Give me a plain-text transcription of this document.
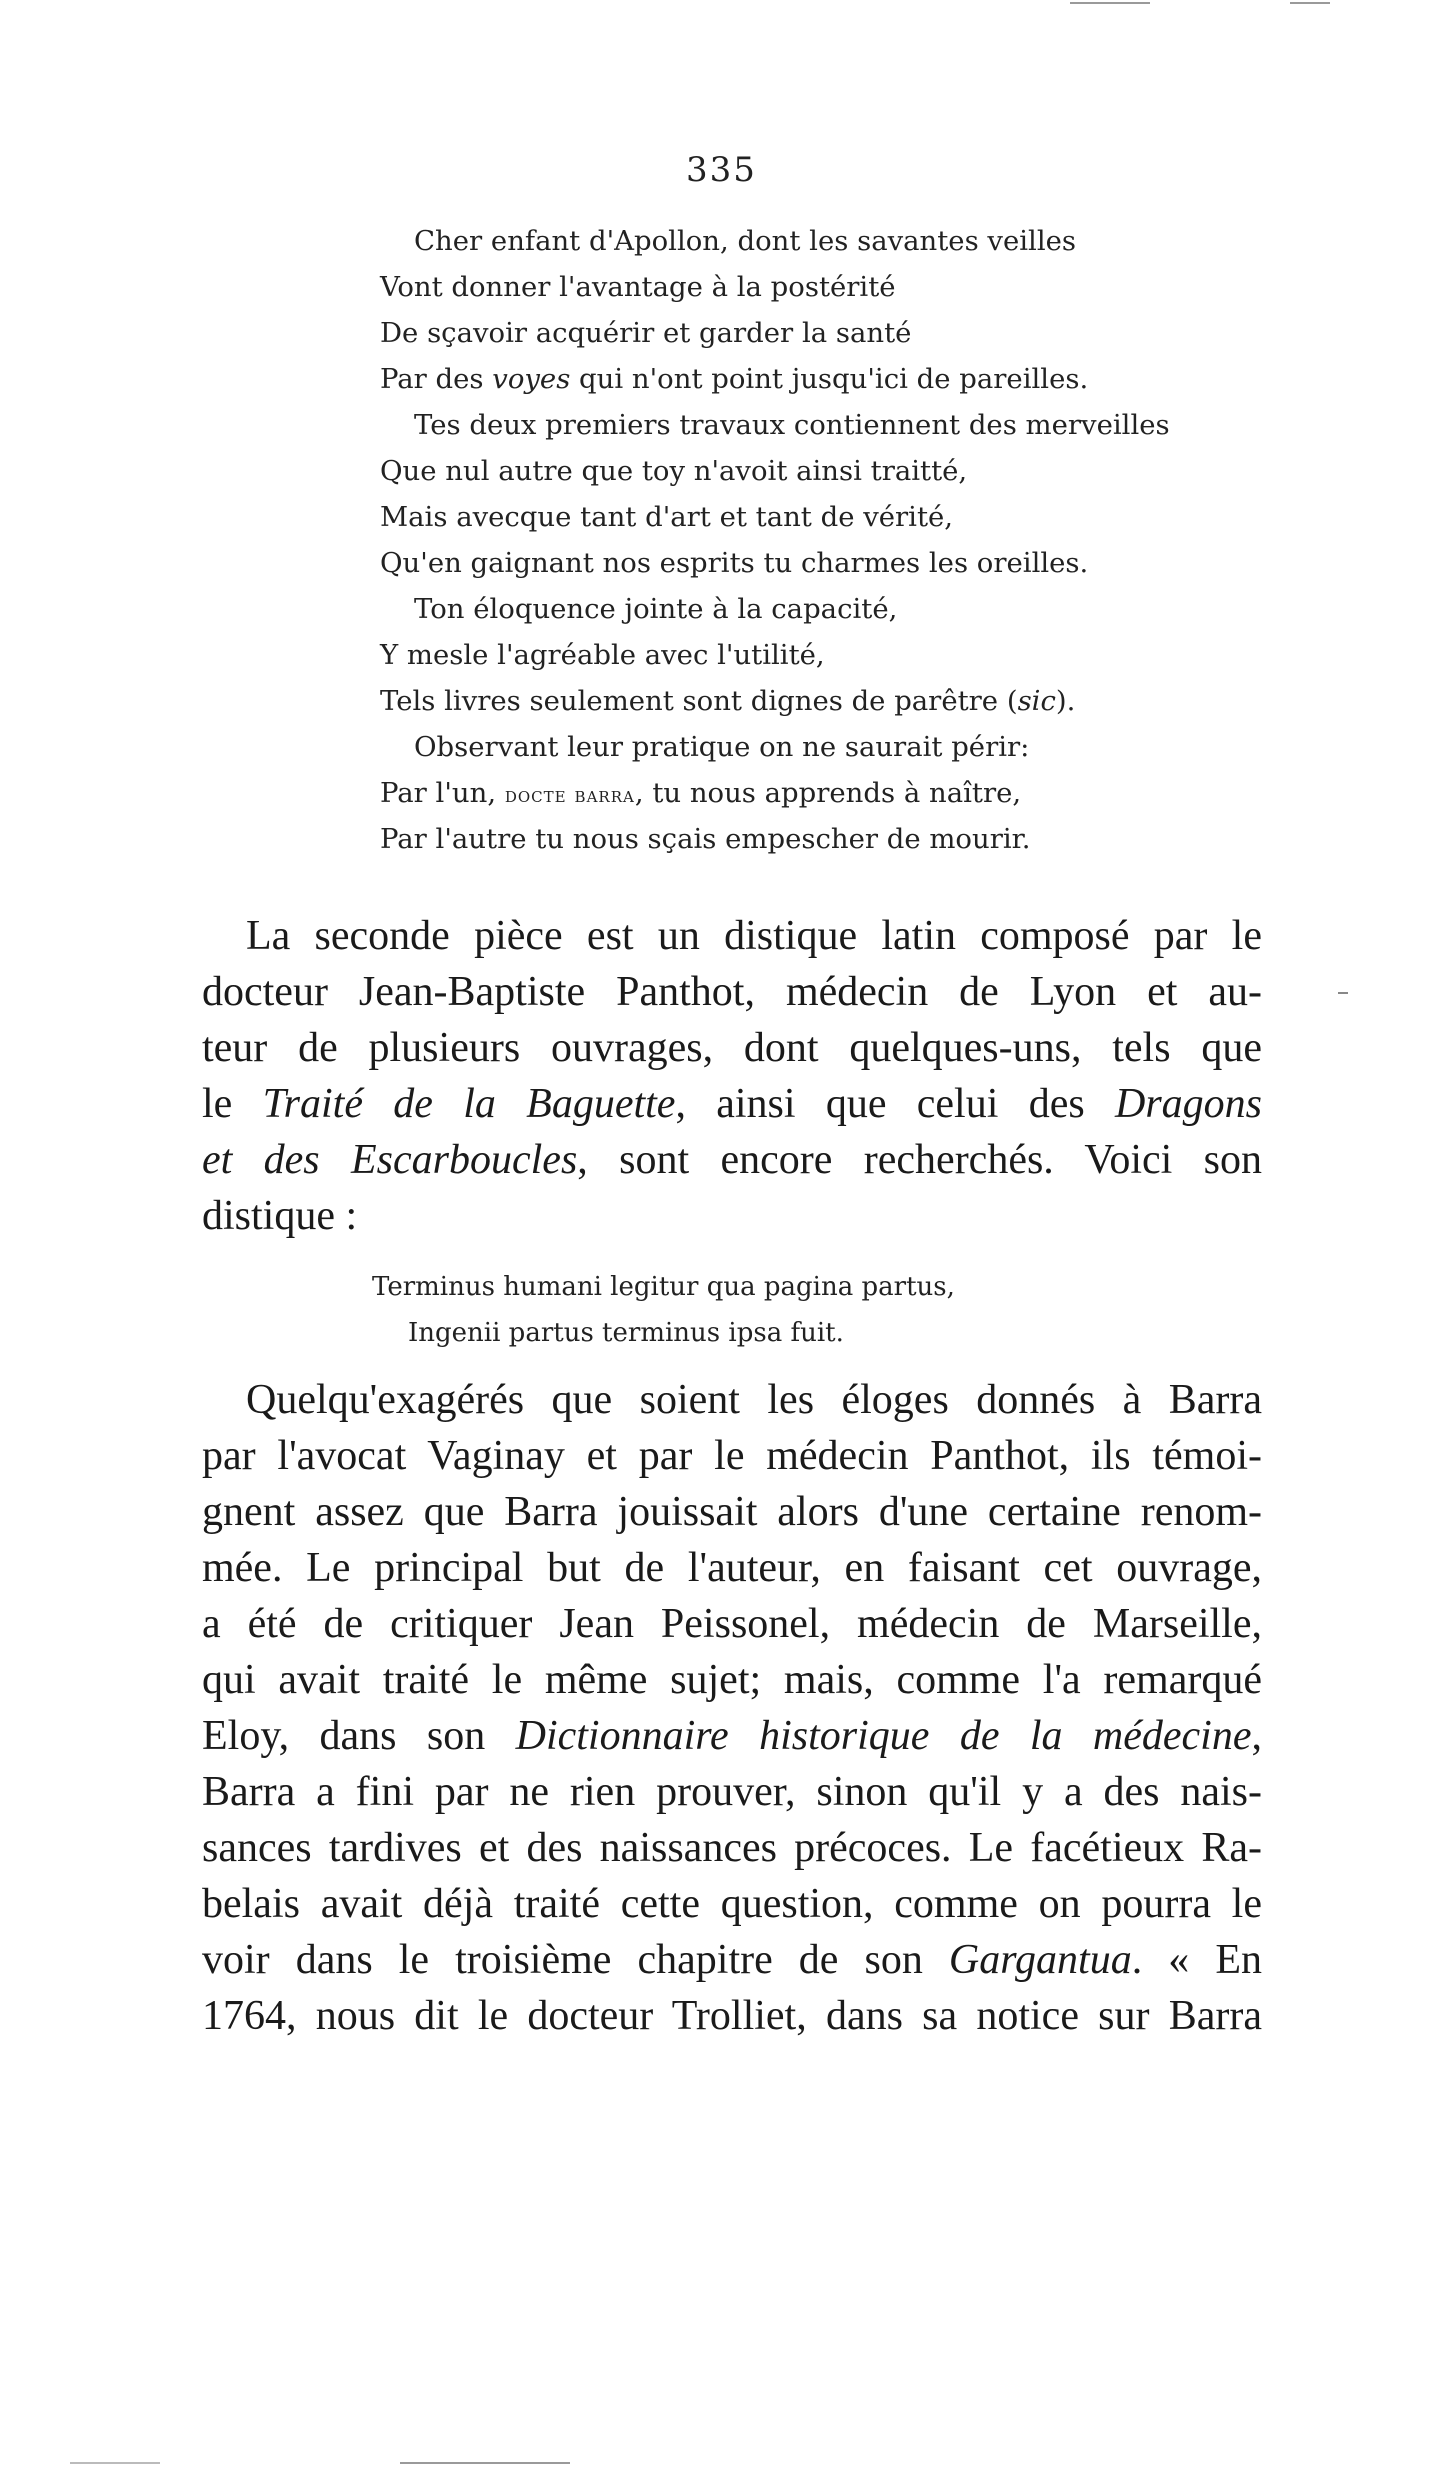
335
Cher enfant d'Apollon, dont les savantes veilles
Vont donner l'avantage à la postérité
De sçavoir acquérir et garder la santé
Par des voyes qui n'ont point jusqu'ici de pareilles.
Tes deux premiers travaux contiennent des merveilles
Que nul autre que toy n'avoit ainsi traitté,
Mais avecque tant d'art et tant de vérité,
Qu'en gaignant nos esprits tu charmes les oreilles.
Ton éloquence jointe à la capacité,
Y mesle l'agréable avec l'utilité,
Tels livres seulement sont dignes de parêtre (sic).
Observant leur pratique on ne saurait périr:
Par l'un, docte barra, tu nous apprends à naître,
Par l'autre tu nous sçais empescher de mourir.
La seconde pièce est un distique latin composé par le
docteur Jean-Baptiste Panthot, médecin de Lyon et au-
teur de plusieurs ouvrages, dont quelques-uns, tels que
le Traité de la Baguette, ainsi que celui des Dragons
et des Escarboucles, sont encore recherchés. Voici son
distique :
Terminus humani legitur qua pagina partus,
Ingenii partus terminus ipsa fuit.
Quelqu'exagérés que soient les éloges donnés à Barra
par l'avocat Vaginay et par le médecin Panthot, ils témoi-
gnent assez que Barra jouissait alors d'une certaine renom-
mée. Le principal but de l'auteur, en faisant cet ouvrage,
a été de critiquer Jean Peissonel, médecin de Marseille,
qui avait traité le même sujet; mais, comme l'a remarqué
Eloy, dans son Dictionnaire historique de la médecine,
Barra a fini par ne rien prouver, sinon qu'il y a des nais-
sances tardives et des naissances précoces. Le facétieux Ra-
belais avait déjà traité cette question, comme on pourra le
voir dans le troisième chapitre de son Gargantua. « En
1764, nous dit le docteur Trolliet, dans sa notice sur Barra
